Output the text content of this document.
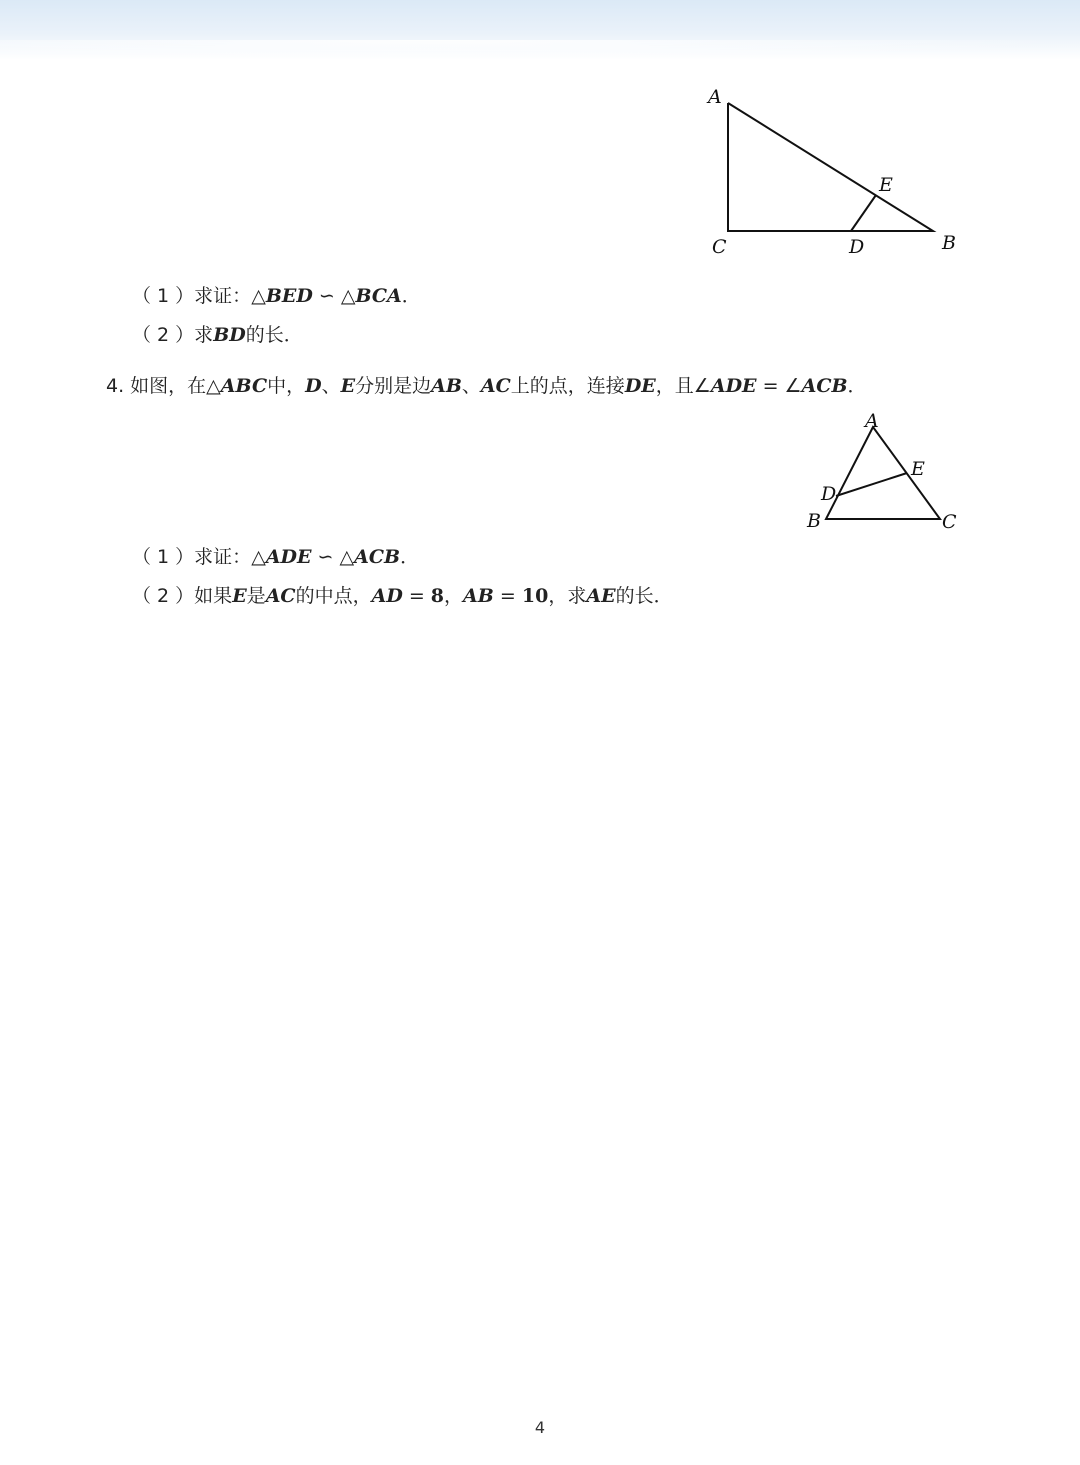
A
E
C	D	B
（ 1 ）求证：△BED ∽ △BCA．
（ 2 ）求BD的长．
4. 如图，在△ABC中，D、E分别是边AB、AC上的点，连接DE，且∠ADE = ∠ACB．
A
E
D
B	C
（ 1 ）求证：△ADE ∽ △ACB．
（ 2 ）如果E是AC的中点，AD = 8，AB = 10，求AE的长．
4
